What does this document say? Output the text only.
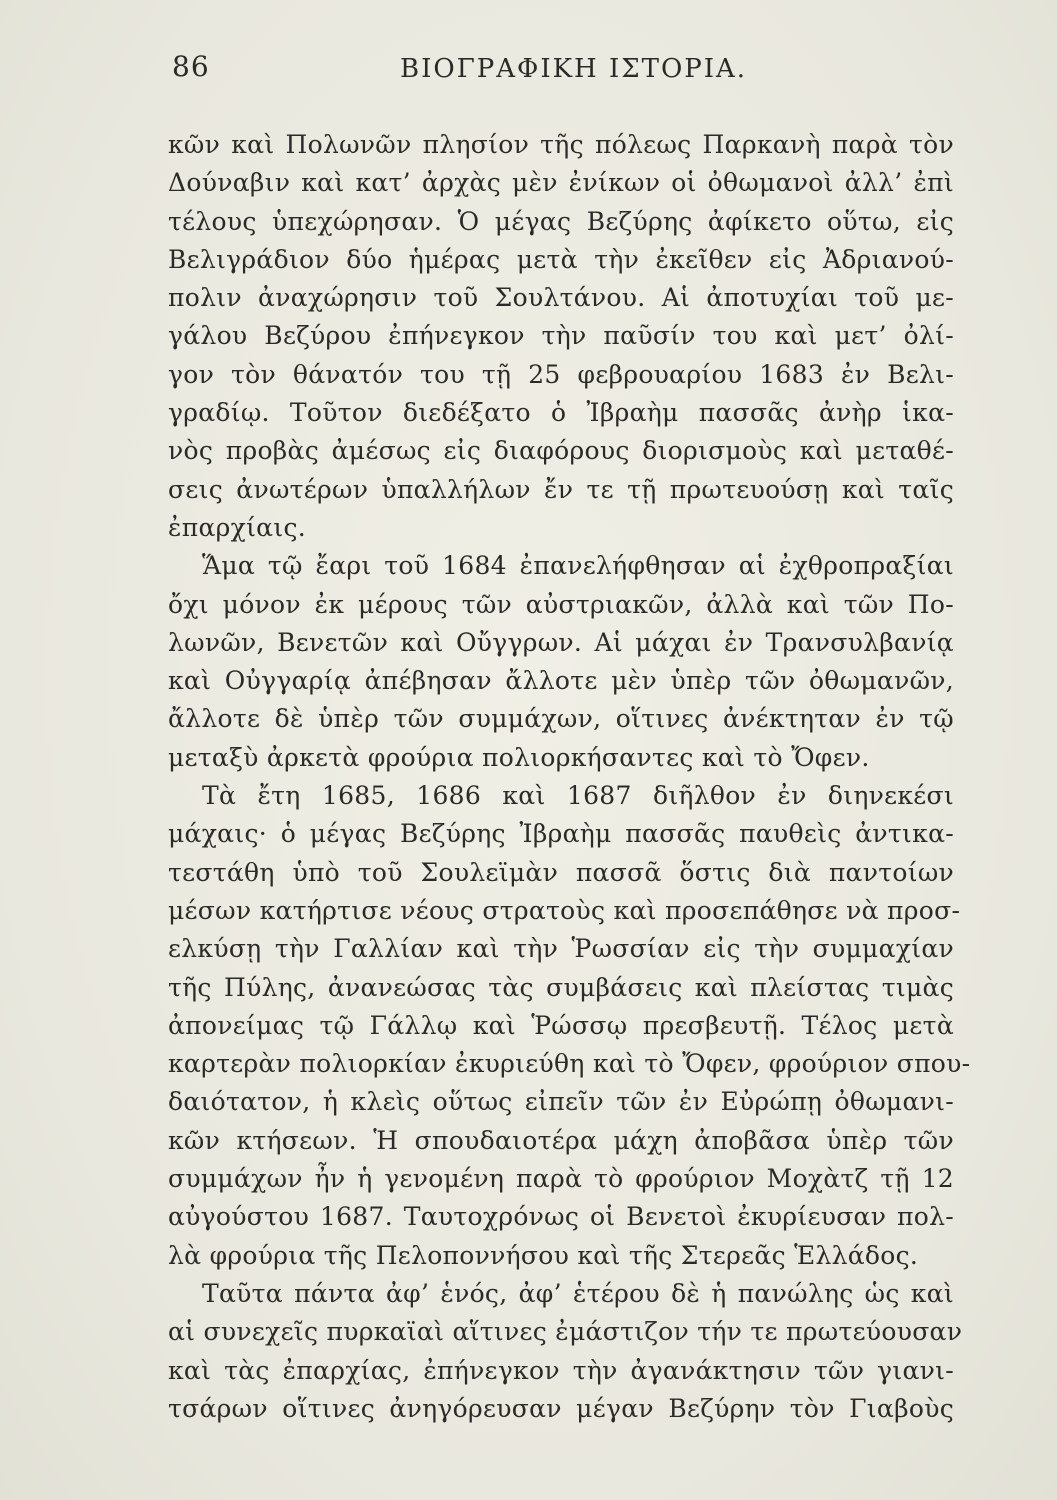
86	ΒΙΟΓΡΑΦΙΚΗ ΙΣΤΟΡΙΑ.
κῶν καὶ Πολωνῶν πλησίον τῆς πόλεως Παρκανὴ παρὰ τὸν
Δούναβιν καὶ κατ’ ἀρχὰς μὲν ἐνίκων οἱ ὀθωμανοὶ ἀλλ’ ἐπὶ
τέλους ὑπεχώρησαν. Ὁ μέγας Βεζύρης ἀφίκετο οὕτω, εἰς
Βελιγράδιον δύο ἡμέρας μετὰ τὴν ἐκεῖθεν εἰς Ἀδριανού-
πολιν ἀναχώρησιν τοῦ Σουλτάνου. Αἱ ἀποτυχίαι τοῦ με-
γάλου Βεζύρου ἐπήνεγκον τὴν παῦσίν του καὶ μετ’ ὀλί-
γον τὸν θάνατόν του τῇ 25 φεβρουαρίου 1683 ἐν Βελι-
γραδίῳ. Τοῦτον διεδέξατο ὁ Ἰβραὴμ πασσᾶς ἀνὴρ ἱκα-
νὸς προβὰς ἀμέσως εἰς διαφόρους διορισμοὺς καὶ μεταθέ-
σεις ἀνωτέρων ὑπαλλήλων ἔν τε τῇ πρωτευούσῃ καὶ ταῖς
ἐπαρχίαις.
Ἅμα τῷ ἔαρι τοῦ 1684 ἐπανελήφθησαν αἱ ἐχθροπραξίαι
ὄχι μόνον ἐκ μέρους τῶν αὐστριακῶν, ἀλλὰ καὶ τῶν Πο-
λωνῶν, Βενετῶν καὶ Οὔγγρων. Αἱ μάχαι ἐν Τρανσυλβανίᾳ
καὶ Οὐγγαρίᾳ ἀπέβησαν ἄλλοτε μὲν ὑπὲρ τῶν ὀθωμανῶν,
ἄλλοτε δὲ ὑπὲρ τῶν συμμάχων, οἵτινες ἀνέκτηταν ἐν τῷ
μεταξὺ ἀρκετὰ φρούρια πολιορκήσαντες καὶ τὸ Ὄφεν.
Τὰ ἔτη 1685, 1686 καὶ 1687 διῆλθον ἐν διηνεκέσι
μάχαις· ὁ μέγας Βεζύρης Ἰβραὴμ πασσᾶς παυθεὶς ἀντικα-
τεστάθη ὑπὸ τοῦ Σουλεϊμὰν πασσᾶ ὅστις διὰ παντοίων
μέσων κατήρτισε νέους στρατοὺς καὶ προσεπάθησε νὰ προσ-
ελκύσῃ τὴν Γαλλίαν καὶ τὴν Ῥωσσίαν εἰς τὴν συμμαχίαν
τῆς Πύλης, ἀνανεώσας τὰς συμβάσεις καὶ πλείστας τιμὰς
ἀπονείμας τῷ Γάλλῳ καὶ Ῥώσσῳ πρεσβευτῇ. Τέλος μετὰ
καρτερὰν πολιορκίαν ἐκυριεύθη καὶ τὸ Ὄφεν, φρούριον σπου-
δαιότατον, ἡ κλεὶς οὕτως εἰπεῖν τῶν ἐν Εὐρώπῃ ὀθωμανι-
κῶν κτήσεων. Ἡ σπουδαιοτέρα μάχη ἀποβᾶσα ὑπὲρ τῶν
συμμάχων ἦν ἡ γενομένη παρὰ τὸ φρούριον Μοχὰτζ τῇ 12
αὐγούστου 1687. Ταυτοχρόνως οἱ Βενετοὶ ἐκυρίευσαν πολ-
λὰ φρούρια τῆς Πελοποννήσου καὶ τῆς Στερεᾶς Ἑλλάδος.
Ταῦτα πάντα ἀφ’ ἑνός, ἀφ’ ἑτέρου δὲ ἡ πανώλης ὡς καὶ
αἱ συνεχεῖς πυρκαϊαὶ αἵτινες ἐμάστιζον τήν τε πρωτεύουσαν
καὶ τὰς ἐπαρχίας, ἐπήνεγκον τὴν ἀγανάκτησιν τῶν γιανι-
τσάρων οἵτινες ἀνηγόρευσαν μέγαν Βεζύρην τὸν Γιαβοὺς
